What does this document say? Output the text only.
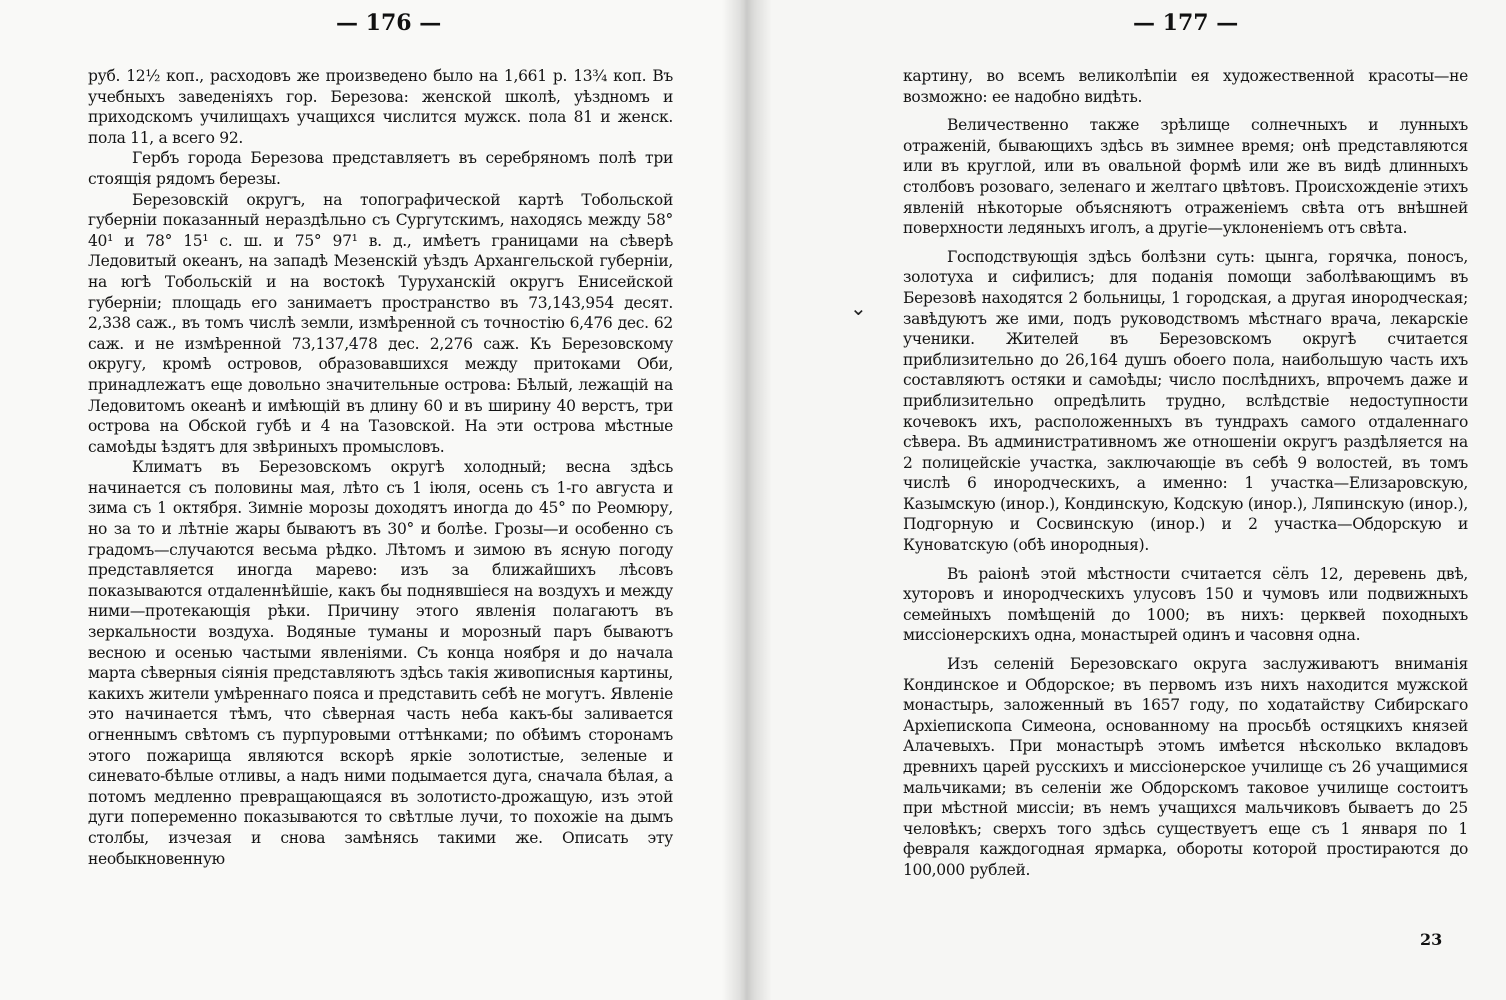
— 176 —

руб. 12½ коп., расходовъ же произведено было на 1,661 р. 13¾ коп. Въ учебныхъ заведеніяхъ гор. Березова: женской школѣ, уѣздномъ и приходскомъ училищахъ учащихся числится мужск. пола 81 и женск. пола 11, а всего 92.

Гербъ города Березова представляетъ въ серебряномъ полѣ три стоящія рядомъ березы.

Березовскій округъ, на топографической картѣ Тобольской губерніи показанный нераздѣльно съ Сургутскимъ, находясь между 58° 40¹ и 78° 15¹ с. ш. и 75° 97¹ в. д., имѣетъ границами на сѣверѣ Ледовитый океанъ, на западѣ Мезенскій уѣздъ Архангельской губерніи, на югѣ Тобольскій и на востокѣ Туруханскій округъ Енисейской губерніи; площадь его занимаетъ пространство въ 73,143,954 десят. 2,338 саж., въ томъ числѣ земли, измѣренной съ точностію 6,476 дес. 62 саж. и не измѣренной 73,137,478 дес. 2,276 саж. Къ Березовскому округу, кромѣ островов, образовавшихся между притоками Оби, принадлежатъ еще довольно значительные острова: Бѣлый, лежащій на Ледовитомъ океанѣ и имѣющій въ длину 60 и въ ширину 40 верстъ, три острова на Обской губѣ и 4 на Тазовской. На эти острова мѣстные самоѣды ѣздятъ для звѣриныхъ промысловъ.

Климатъ въ Березовскомъ округѣ холодный; весна здѣсь начинается съ половины мая, лѣто съ 1 іюля, осень съ 1-го августа и зима съ 1 октября. Зимніе морозы доходятъ иногда до 45° по Реомюру, но за то и лѣтніе жары бываютъ въ 30° и болѣе. Грозы—и особенно съ градомъ—случаются весьма рѣдко. Лѣтомъ и зимою въ ясную погоду представляется иногда марево: изъ за ближайшихъ лѣсовъ показываются отдаленнѣйшіе, какъ бы поднявшіеся на воздухъ и между ними—протекающія рѣки. Причину этого явленія полагаютъ въ зеркальности воздуха. Водяные туманы и морозный паръ бываютъ весною и осенью частыми явленіями. Съ конца ноября и до начала марта сѣверныя сіянія представляютъ здѣсь такія живописныя картины, какихъ жители умѣреннаго пояса и представить себѣ не могутъ. Явленіе это начинается тѣмъ, что сѣверная часть неба какъ-бы заливается огненнымъ свѣтомъ съ пурпуровыми оттѣнками; по обѣимъ сторонамъ этого пожарища являются вскорѣ яркіе золотистые, зеленые и синевато-бѣлые отливы, а надъ ними подымается дуга, сначала бѣлая, а потомъ медленно превращающаяся въ золотисто-дрожащую, изъ этой дуги попеременно показываются то свѣтлые лучи, то похожіе на дымъ столбы, изчезая и снова замѣнясь такими же. Описать эту необыкновенную

— 177 —
⌄

картину, во всемъ великолѣпіи ея художественной красоты—не возможно: ее надобно видѣть.

Величественно также зрѣлище солнечныхъ и лунныхъ отраженій, бывающихъ здѣсь въ зимнее время; онѣ представляются или въ круглой, или въ овальной формѣ или же въ видѣ длинныхъ столбовъ розоваго, зеленаго и желтаго цвѣтовъ. Происхожденіе этихъ явленій нѣкоторые объясняютъ отраженіемъ свѣта отъ внѣшней поверхности ледяныхъ иголъ, а другіе—уклоненіемъ отъ свѣта.

Господствующія здѣсь болѣзни суть: цынга, горячка, поносъ, золотуха и сифилисъ; для поданія помощи заболѣвающимъ въ Березовѣ находятся 2 больницы, 1 городская, а другая инородческая; завѣдуютъ же ими, подъ руководствомъ мѣстнаго врача, лекарскіе ученики. Жителей въ Березовскомъ округѣ считается приблизительно до 26,164 душъ обоего пола, наибольшую часть ихъ составляютъ остяки и самоѣды; число послѣднихъ, впрочемъ даже и приблизительно опредѣлить трудно, вслѣдствіе недоступности кочевокъ ихъ, расположенныхъ въ тундрахъ самого отдаленнаго сѣвера. Въ административномъ же отношеніи округъ раздѣляется на 2 полицейскіе участка, заключающіе въ себѣ 9 волостей, въ томъ числѣ 6 инородческихъ, а именно: 1 участка—Елизаровскую, Казымскую (инор.), Кондинскую, Кодскую (инор.), Ляпинскую (инор.), Подгорную и Сосвинскую (инор.) и 2 участка—Обдорскую и Куноватскую (обѣ инородныя).

Въ раіонѣ этой мѣстности считается сёлъ 12, деревень двѣ, хуторовъ и инородческихъ улусовъ 150 и чумовъ или подвижныхъ семейныхъ помѣщеній до 1000; въ нихъ: церквей походныхъ миссіонерскихъ одна, монастырей одинъ и часовня одна.

Изъ селеній Березовскаго округа заслуживаютъ вниманія Кондинское и Обдорское; въ первомъ изъ нихъ находится мужской монастырь, заложенный въ 1657 году, по ходатайству Сибирскаго Архіепископа Симеона, основанному на просьбѣ остяцкихъ князей Алачевыхъ. При монастырѣ этомъ имѣется нѣсколько вкладовъ древнихъ царей русскихъ и миссіонерское училище съ 26 учащимися мальчиками; въ селеніи же Обдорскомъ таковое училище состоитъ при мѣстной миссіи; въ немъ учащихся мальчиковъ бываетъ до 25 человѣкъ; сверхъ того здѣсь существуетъ еще съ 1 января по 1 февраля каждогодная ярмарка, обороты которой простираются до 100,000 рублей.

23
